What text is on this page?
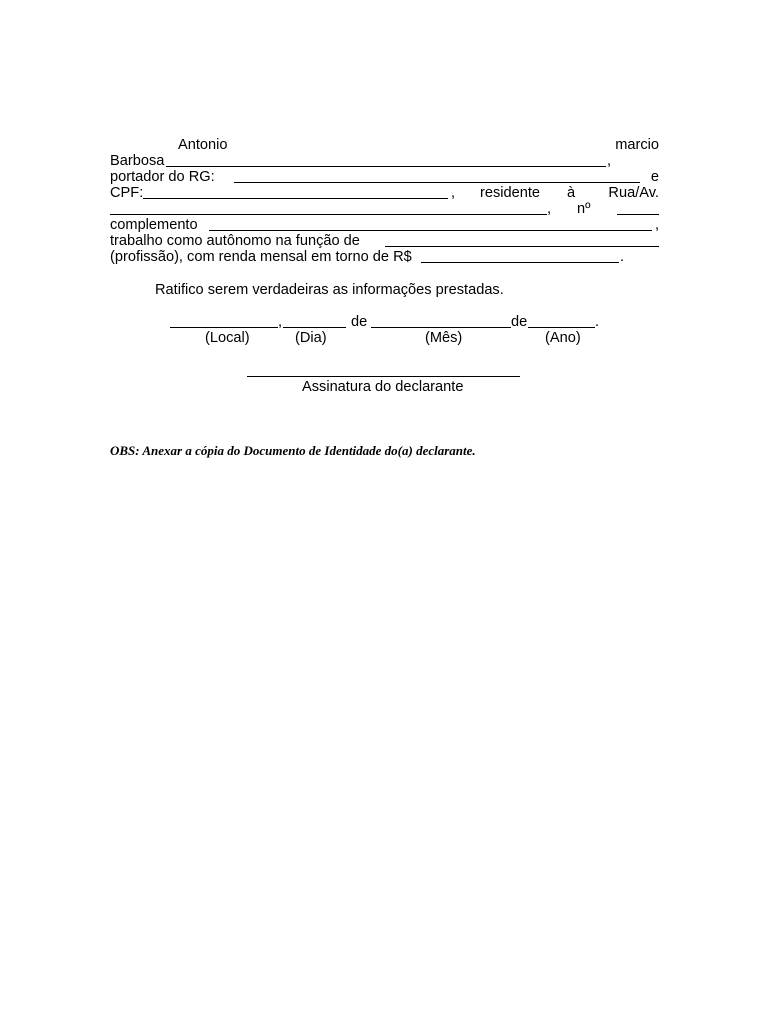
Antonio	marcio
Barbosa	,
portador do RG:	e
CPF:	, residente à Rua/Av.
, nº
complemento	,
trabalho como autônomo na função de
(profissão), com renda mensal em torno de R$	.
Ratifico serem verdadeiras as informações prestadas.
,	de	de	.
(Local)	(Dia)	(Mês)	(Ano)
Assinatura do declarante
OBS: Anexar a cópia do Documento de Identidade do(a) declarante.
